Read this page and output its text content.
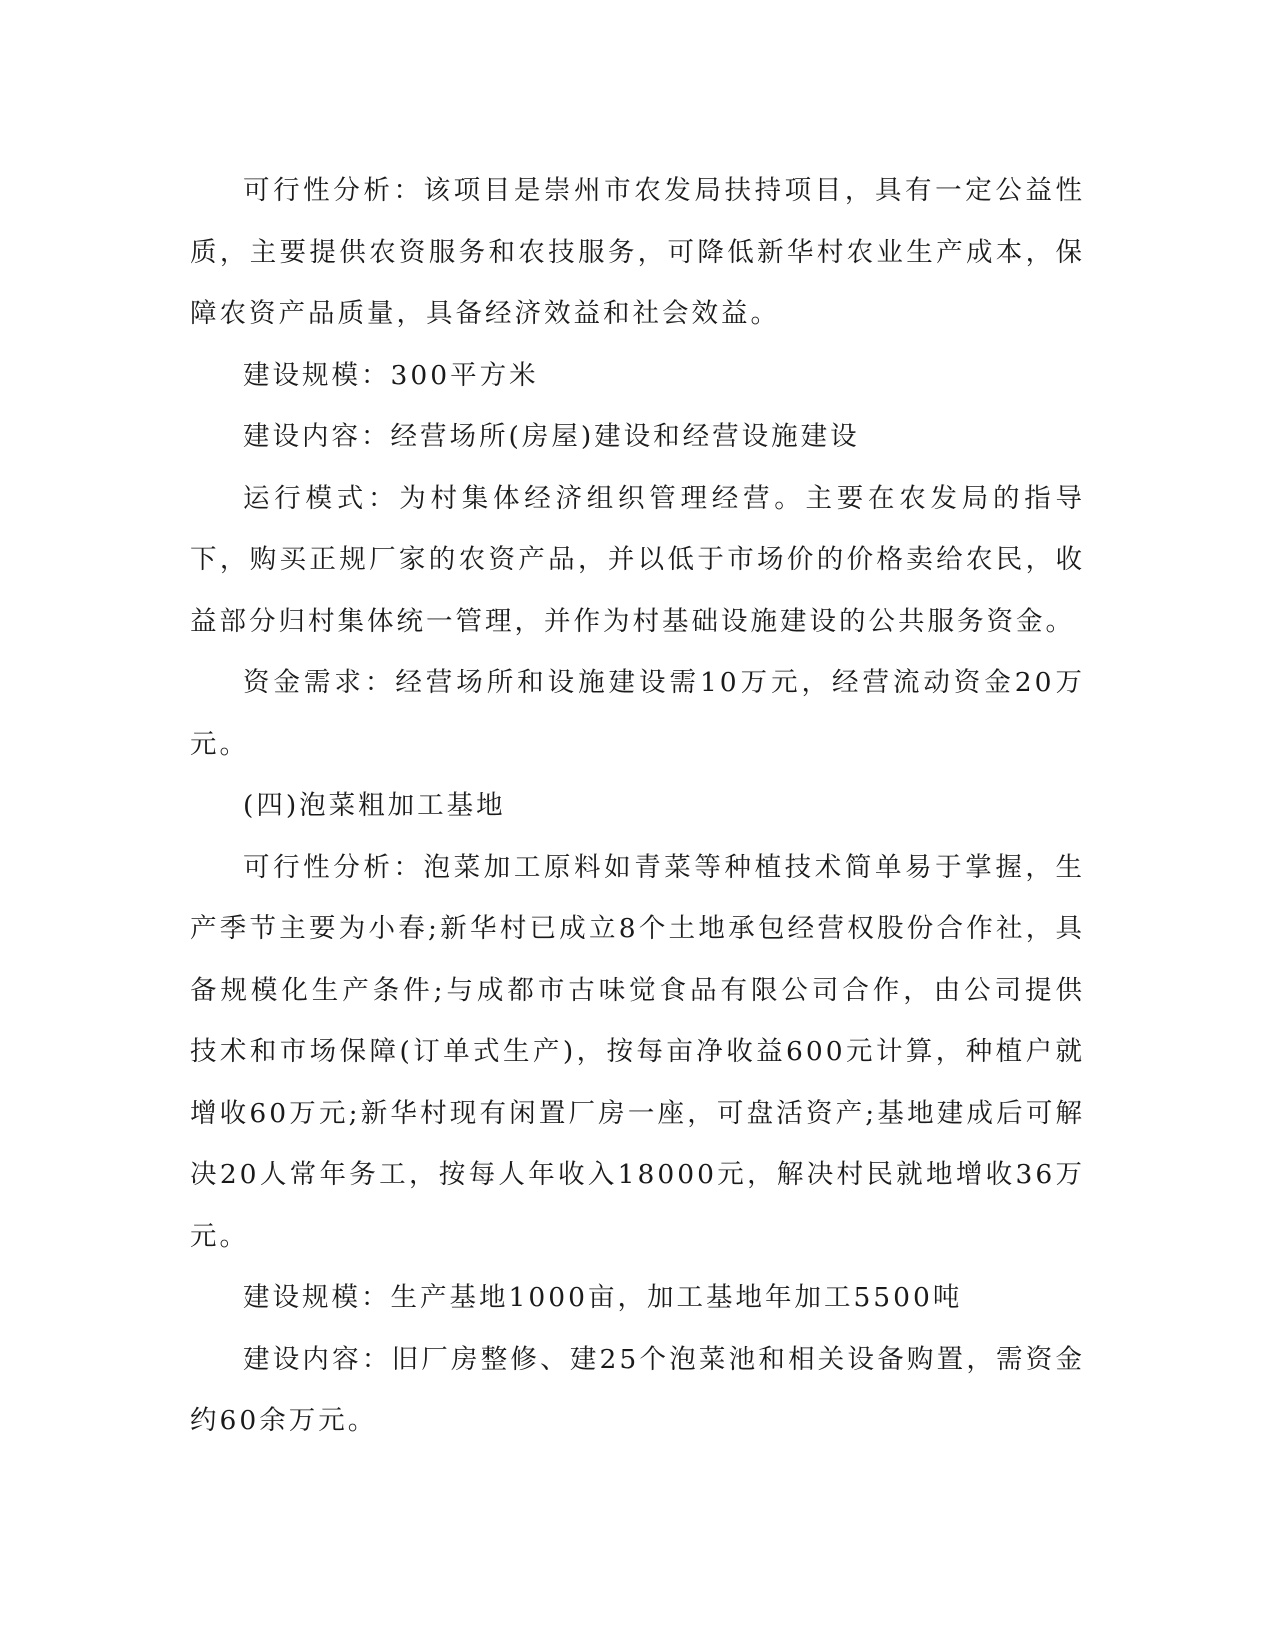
可行性分析：该项目是崇州市农发局扶持项目，具有一定公益性质，主要提供农资服务和农技服务，可降低新华村农业生产成本，保障农资产品质量，具备经济效益和社会效益。

建设规模：300平方米

建设内容：经营场所(房屋)建设和经营设施建设

运行模式：为村集体经济组织管理经营。主要在农发局的指导下，购买正规厂家的农资产品，并以低于市场价的价格卖给农民，收益部分归村集体统一管理，并作为村基础设施建设的公共服务资金。

资金需求：经营场所和设施建设需10万元，经营流动资金20万元。

(四)泡菜粗加工基地

可行性分析：泡菜加工原料如青菜等种植技术简单易于掌握，生产季节主要为小春;新华村已成立8个土地承包经营权股份合作社，具备规模化生产条件;与成都市古味觉食品有限公司合作，由公司提供技术和市场保障(订单式生产)，按每亩净收益600元计算，种植户就增收60万元;新华村现有闲置厂房一座，可盘活资产;基地建成后可解决20人常年务工，按每人年收入18000元，解决村民就地增收36万元。

建设规模：生产基地1000亩，加工基地年加工5500吨

建设内容：旧厂房整修、建25个泡菜池和相关设备购置，需资金约60余万元。
